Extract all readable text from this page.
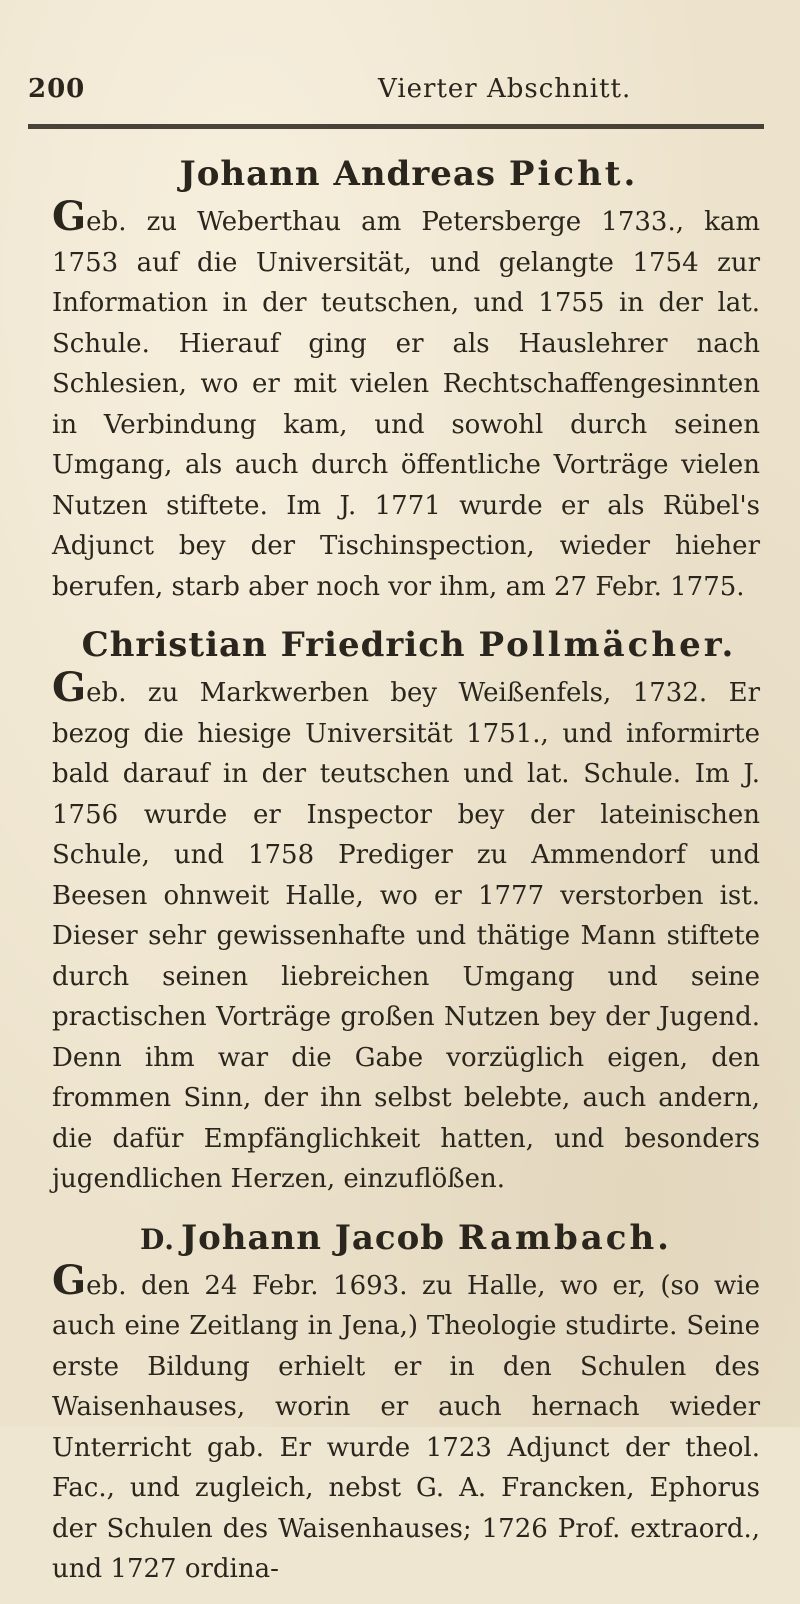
200	Vierter Abschnitt.
Johann Andreas Picht.

Geb. zu Weberthau am Petersberge 1733., kam 1753 auf die Universität, und gelangte 1754 zur Information in der teutschen, und 1755 in der lat. Schule. Hierauf ging er als Hauslehrer nach Schlesien, wo er mit vielen Rechtschaffengesinnten in Verbindung kam, und sowohl durch seinen Umgang, als auch durch öffentliche Vorträge vielen Nutzen stiftete. Im J. 1771 wurde er als Rübel's Adjunct bey der Tischinspection, wieder hieher berufen, starb aber noch vor ihm, am 27 Febr. 1775.

Christian Friedrich Pollmächer.

Geb. zu Markwerben bey Weißenfels, 1732. Er bezog die hiesige Universität 1751., und informirte bald darauf in der teutschen und lat. Schule. Im J. 1756 wurde er Inspector bey der lateinischen Schule, und 1758 Prediger zu Ammendorf und Beesen ohnweit Halle, wo er 1777 verstorben ist. Dieser sehr gewissenhafte und thätige Mann stiftete durch seinen liebreichen Umgang und seine practischen Vorträge großen Nutzen bey der Jugend. Denn ihm war die Gabe vorzüglich eigen, den frommen Sinn, der ihn selbst belebte, auch andern, die dafür Empfänglichkeit hatten, und besonders jugendlichen Herzen, einzuflößen.

D. Johann Jacob Rambach.

Geb. den 24 Febr. 1693. zu Halle, wo er, (so wie auch eine Zeitlang in Jena,) Theologie studirte. Seine erste Bildung erhielt er in den Schulen des Waisenhauses, worin er auch hernach wieder Unterricht gab. Er wurde 1723 Adjunct der theol. Fac., und zugleich, nebst G. A. Francken, Ephorus der Schulen des Waisenhauses; 1726 Prof. extraord., und 1727 ordina-
